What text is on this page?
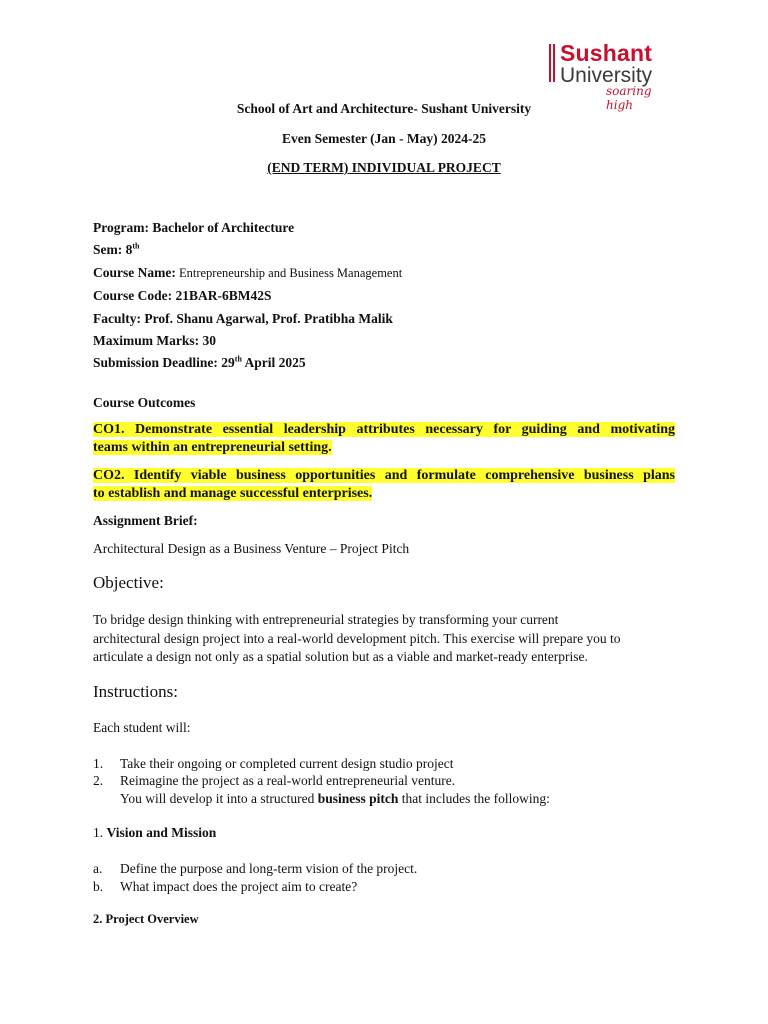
Sushant
University
soaring high
School of Art and Architecture- Sushant University
Even Semester (Jan - May) 2024-25
(END TERM) INDIVIDUAL PROJECT
Program: Bachelor of Architecture
Sem: 8th
Course Name: Entrepreneurship and Business Management
Course Code: 21BAR-6BM42S
Faculty: Prof. Shanu Agarwal, Prof. Pratibha Malik
Maximum Marks: 30
Submission Deadline: 29th April 2025
Course Outcomes
CO1. Demonstrate essential leadership attributes necessary for guiding and motivating
teams within an entrepreneurial setting.
CO2. Identify viable business opportunities and formulate comprehensive business plans
to establish and manage successful enterprises.
Assignment Brief:
Architectural Design as a Business Venture – Project Pitch
Objective:
To bridge design thinking with entrepreneurial strategies by transforming your current
architectural design project into a real-world development pitch. This exercise will prepare you to
articulate a design not only as a spatial solution but as a viable and market-ready enterprise.
Instructions:
Each student will:
1. Take their ongoing or completed current design studio project
2. Reimagine the project as a real-world entrepreneurial venture.
You will develop it into a structured business pitch that includes the following:
1. Vision and Mission
a. Define the purpose and long-term vision of the project.
b. What impact does the project aim to create?
2. Project Overview
